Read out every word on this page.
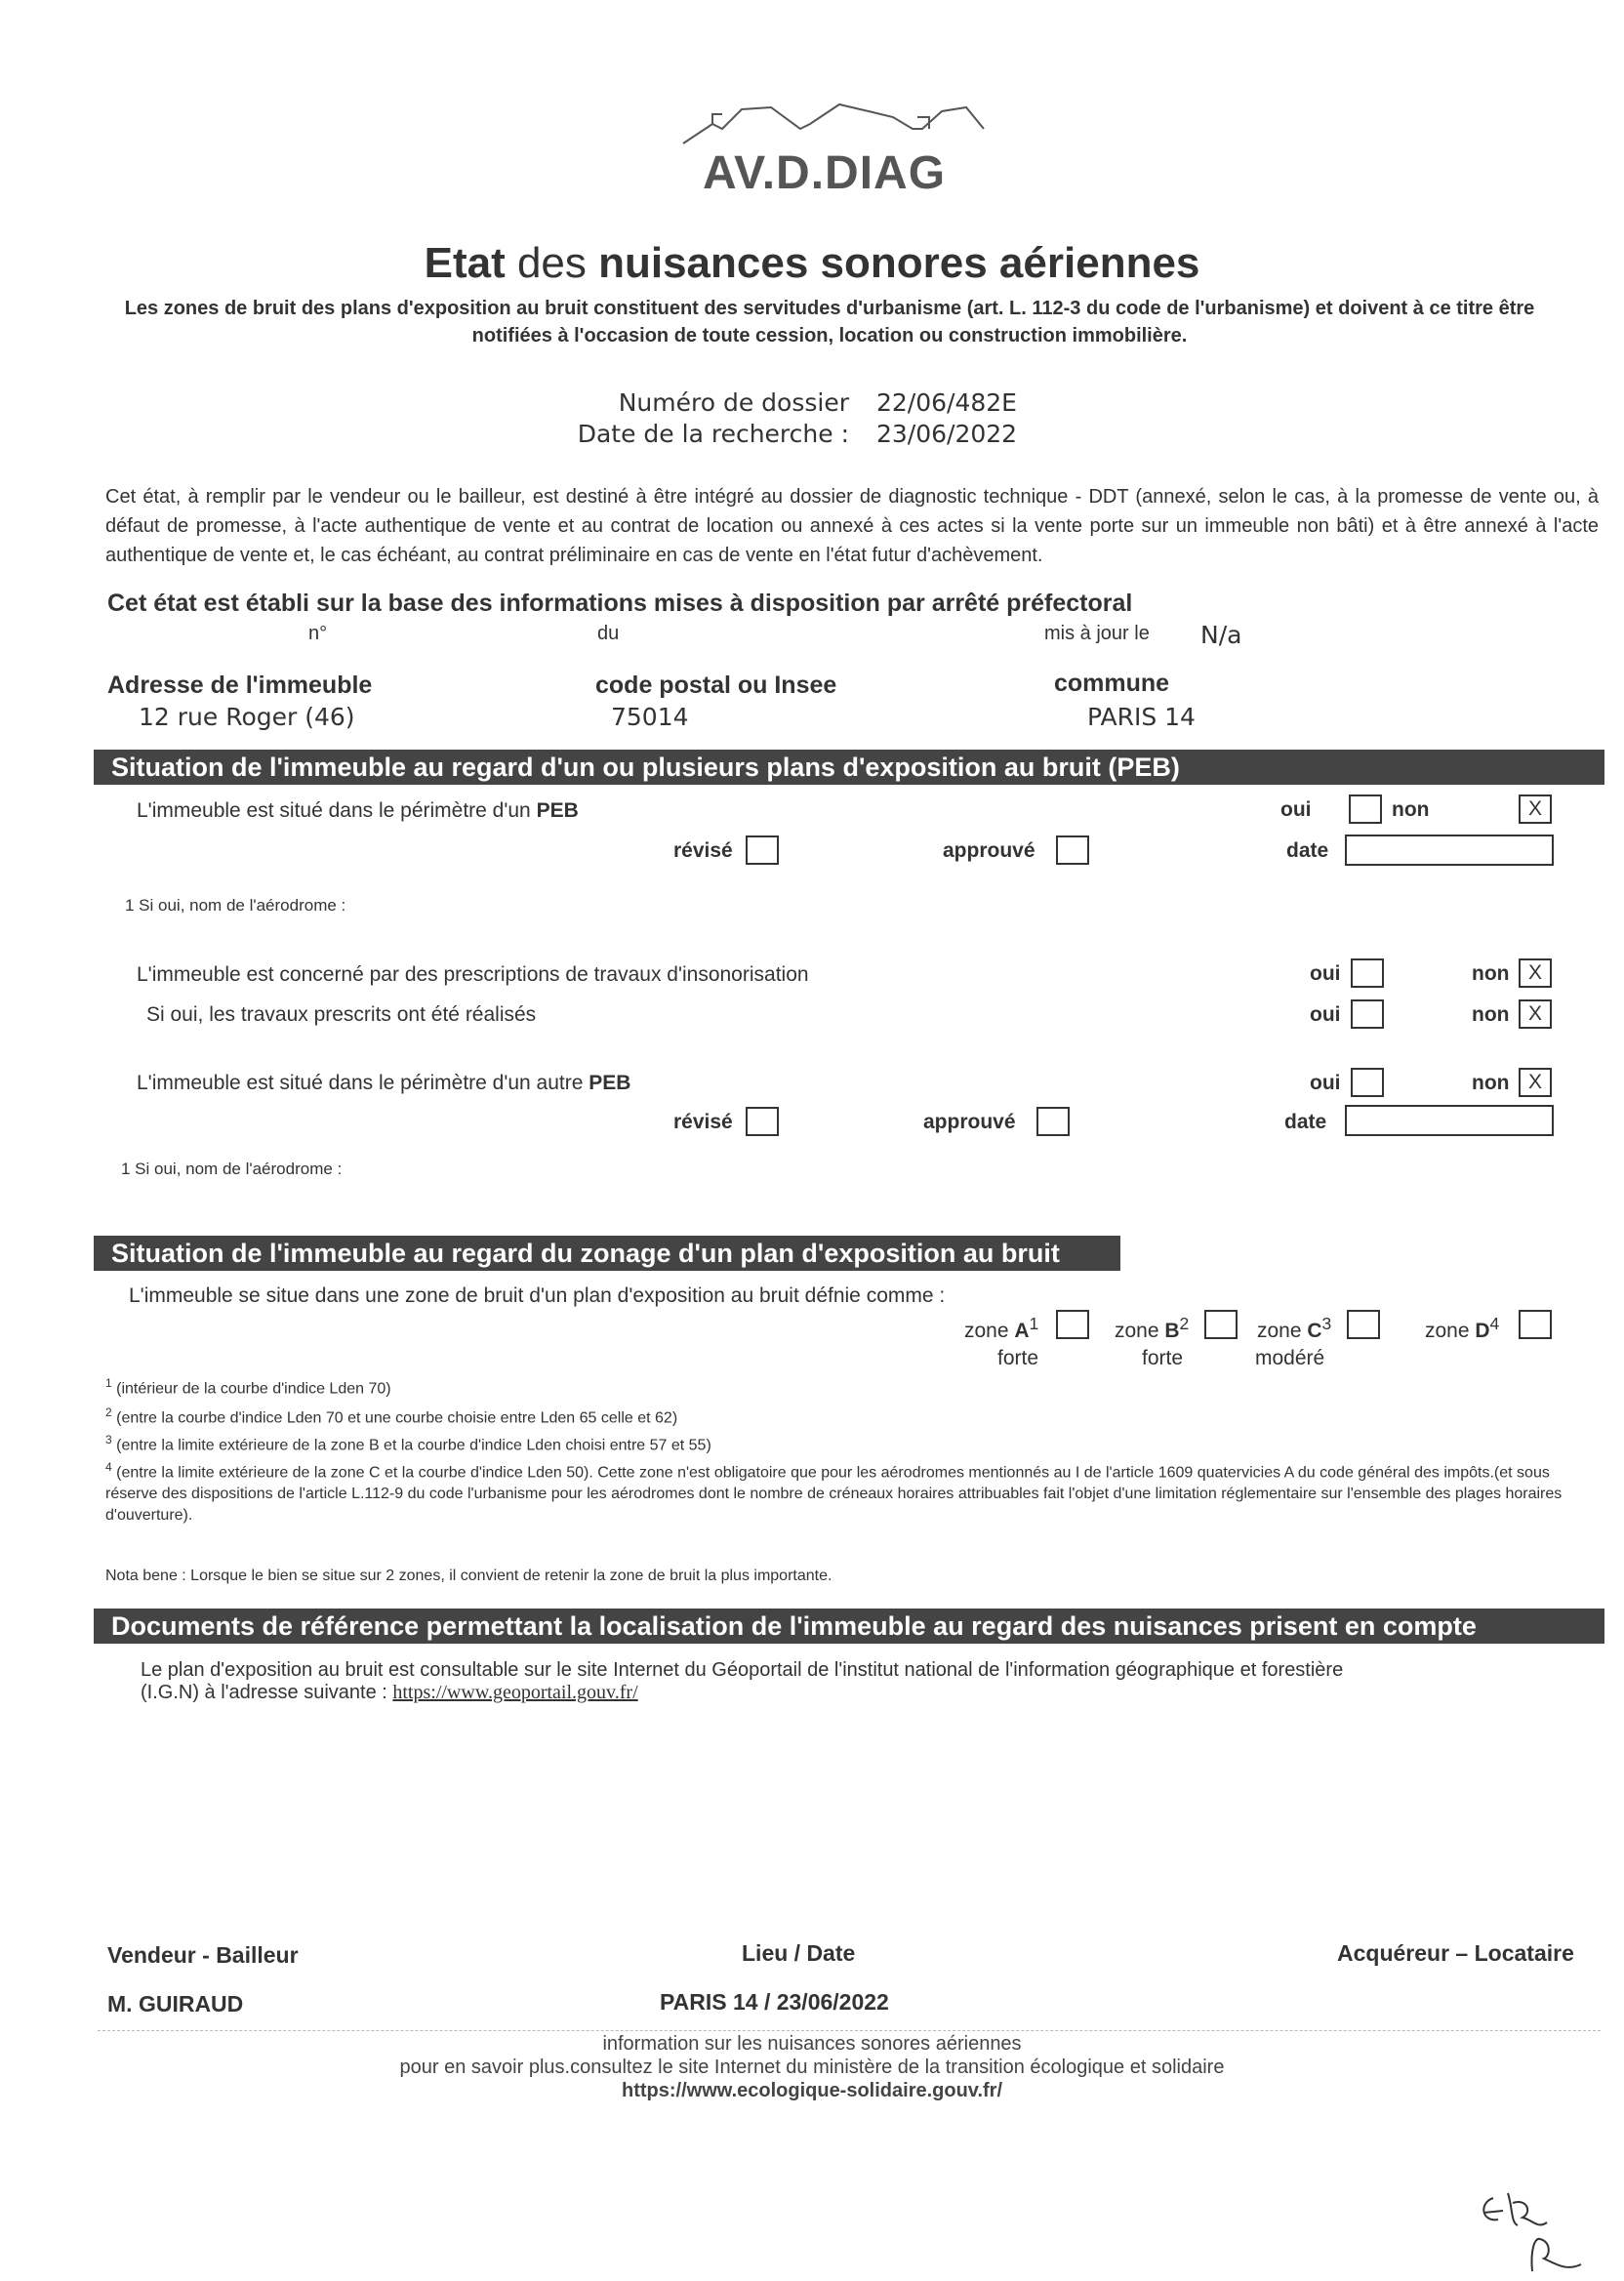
AV.D.DIAG
Etat des nuisances sonores aériennes
Les zones de bruit des plans d'exposition au bruit constituent des servitudes d'urbanisme (art. L. 112-3 du code de l'urbanisme) et doivent à ce titre être notifiées à l'occasion de toute cession, location ou construction immobilière.
Numéro de dossier 22/06/482E
Date de la recherche : 23/06/2022
Cet état, à remplir par le vendeur ou le bailleur, est destiné à être intégré au dossier de diagnostic technique - DDT (annexé, selon le cas, à la promesse de vente ou, à défaut de promesse, à l'acte authentique de vente et au contrat de location ou annexé à ces actes si la vente porte sur un immeuble non bâti) et à être annexé à l'acte authentique de vente et, le cas échéant, au contrat préliminaire en cas de vente en l'état futur d'achèvement.
Cet état est établi sur la base des informations mises à disposition par arrêté préfectoral
n°	du	mis à jour le N/a
Adresse de l'immeuble
12 rue Roger (46)
code postal ou Insee
75014
commune
PARIS 14
Situation de l'immeuble au regard d'un ou plusieurs plans d'exposition au bruit (PEB)
L'immeuble est situé dans le périmètre d'un PEB	oui	non	X
révisé	approuvé	date
1 Si oui, nom de l'aérodrome :
L'immeuble est concerné par des prescriptions de travaux d'insonorisation	oui	non X
Si oui, les travaux prescrits ont été réalisés	oui	non X
L'immeuble est situé dans le périmètre d'un autre PEB	oui	non X
révisé	approuvé	date
1 Si oui, nom de l'aérodrome :
Situation de l'immeuble au regard du zonage d'un plan d'exposition au bruit
L'immeuble se situe dans une zone de bruit d'un plan d'exposition au bruit défnie comme :
zone $A^1$
forte
zone $B^2$
forte
zone $C^3$
modéré
zone $D^4$
$^1$ (intérieur de la courbe d'indice Lden 70)
$^2$ (entre la courbe d'indice Lden 70 et une courbe choisie entre Lden 65 celle et 62)
$^3$ (entre la limite extérieure de la zone B et la courbe d'indice Lden choisi entre 57 et 55)
$^4$ (entre la limite extérieure de la zone C et la courbe d'indice Lden 50). Cette zone n'est obligatoire que pour les aérodromes mentionnés au I de l'article 1609 quatervicies A du code général des impôts.(et sous réserve des dispositions de l'article L.112-9 du code l'urbanisme pour les aérodromes dont le nombre de créneaux horaires attribuables fait l'objet d'une limitation réglementaire sur l'ensemble des plages horaires d'ouverture).
Nota bene : Lorsque le bien se situe sur 2 zones, il convient de retenir la zone de bruit la plus importante.
Documents de référence permettant la localisation de l'immeuble au regard des nuisances prisent en compte
Le plan d'exposition au bruit est consultable sur le site Internet du Géoportail de l'institut national de l'information géographique et forestière
(I.G.N) à l'adresse suivante : https://www.geoportail.gouv.fr/
Vendeur - Bailleur
M. GUIRAUD
Lieu / Date
PARIS 14 / 23/06/2022
Acquéreur – Locataire
information sur les nuisances sonores aériennes
pour en savoir plus.consultez le site Internet du ministère de la transition écologique et solidaire
https://www.ecologique-solidaire.gouv.fr/
